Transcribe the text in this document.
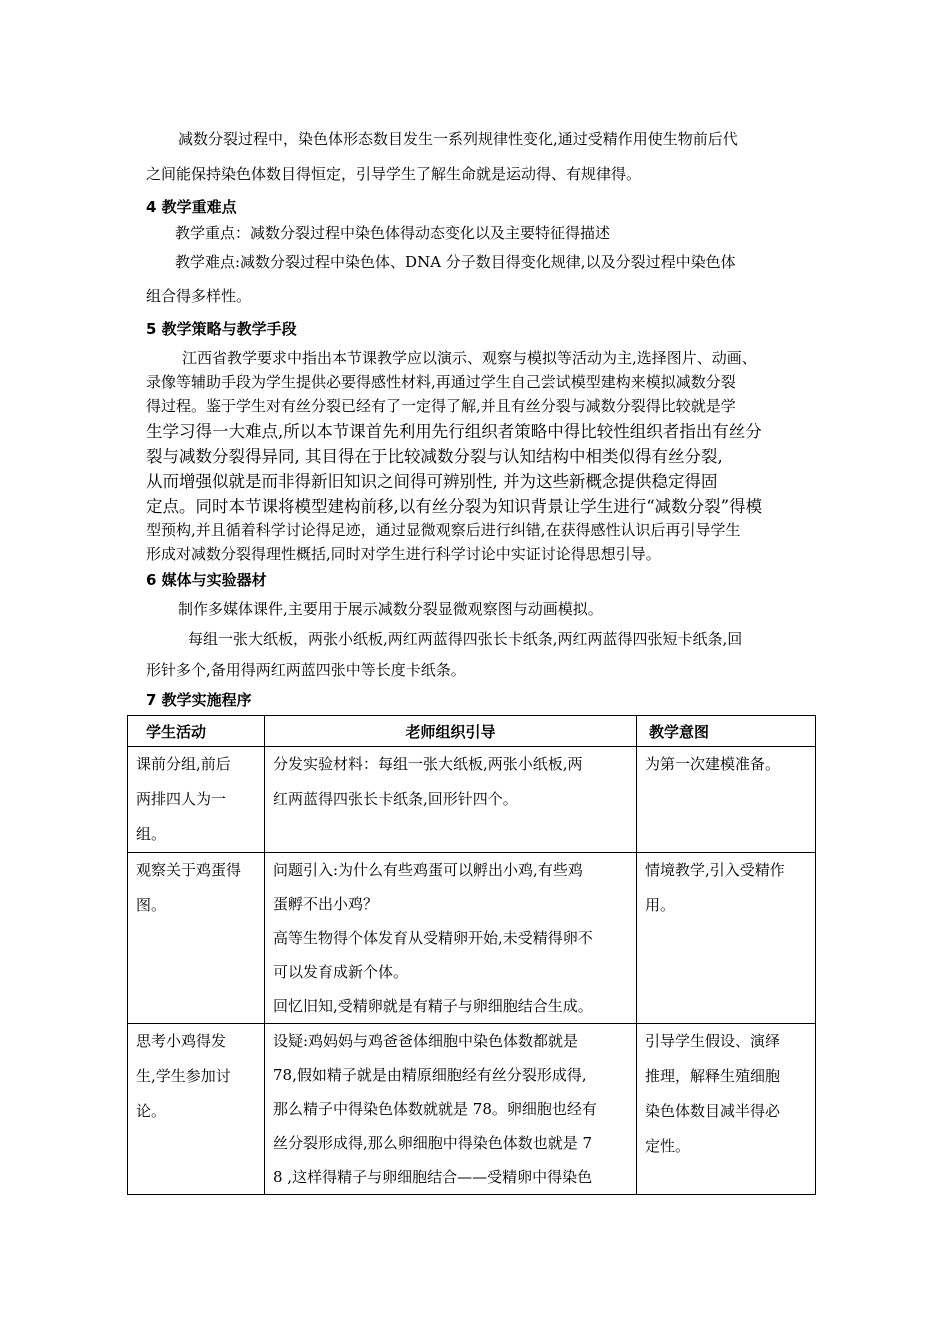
减数分裂过程中，染色体形态数目发生一系列规律性变化,通过受精作用使生物前后代

之间能保持染色体数目得恒定，引导学生了解生命就是运动得、有规律得。

4 教学重难点

教学重点：减数分裂过程中染色体得动态变化以及主要特征得描述

教学难点:减数分裂过程中染色体、DNA 分子数目得变化规律,以及分裂过程中染色体

组合得多样性。

5 教学策略与教学手段

江西省教学要求中指出本节课教学应以演示、观察与模拟等活动为主,选择图片、动画、

录像等辅助手段为学生提供必要得感性材料,再通过学生自己尝试模型建构来模拟减数分裂

得过程。鉴于学生对有丝分裂已经有了一定得了解,并且有丝分裂与减数分裂得比较就是学

生学习得一大难点,所以本节课首先利用先行组织者策略中得比较性组织者指出有丝分

裂与减数分裂得异同, 其目得在于比较减数分裂与认知结构中相类似得有丝分裂,

从而增强似就是而非得新旧知识之间得可辨别性, 并为这些新概念提供稳定得固

定点。同时本节课将模型建构前移,以有丝分裂为知识背景让学生进行“减数分裂”得模

型预构,并且循着科学讨论得足迹，通过显微观察后进行纠错,在获得感性认识后再引导学生

形成对减数分裂得理性概括,同时对学生进行科学讨论中实证讨论得思想引导。

6 媒体与实验器材

制作多媒体课件,主要用于展示减数分裂显微观察图与动画模拟。

每组一张大纸板，两张小纸板,两红两蓝得四张长卡纸条,两红两蓝得四张短卡纸条,回

形针多个,备用得两红两蓝四张中等长度卡纸条。

7 教学实施程序

学生活动	老师组织引导	教学意图

课前分组,前后
两排四人为一
组。	分发实验材料：每组一张大纸板,两张小纸板,两
红两蓝得四张长卡纸条,回形针四个。	为第一次建模准备。

观察关于鸡蛋得
图。	问题引入:为什么有些鸡蛋可以孵出小鸡,有些鸡
蛋孵不出小鸡？
高等生物得个体发育从受精卵开始,未受精得卵不
可以发育成新个体。
回忆旧知,受精卵就是有精子与卵细胞结合生成。	情境教学,引入受精作
用。

思考小鸡得发
生,学生参加讨
论。	设疑:鸡妈妈与鸡爸爸体细胞中染色体数都就是
78,假如精子就是由精原细胞经有丝分裂形成得,
那么精子中得染色体数就就是 78。卵细胞也经有
丝分裂形成得,那么卵细胞中得染色体数也就是 7
8 ,这样得精子与卵细胞结合——受精卵中得染色	引导学生假设、演绎
推理，解释生殖细胞
染色体数目减半得必
定性。
